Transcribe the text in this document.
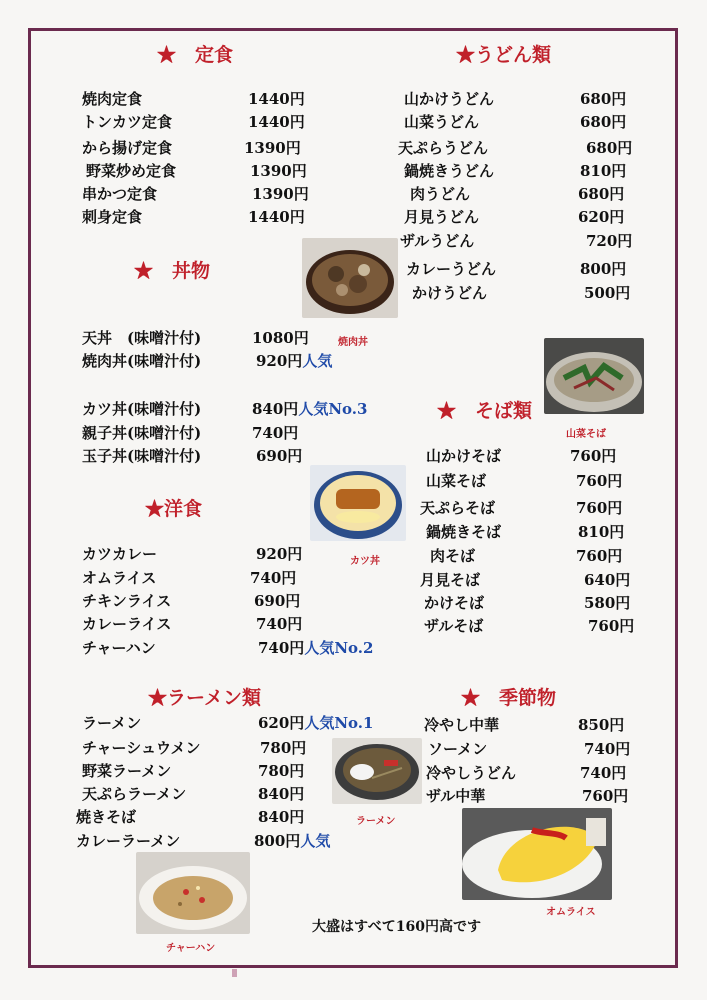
★　定食
焼肉定食	1440円
トンカツ定食	1440円
から揚げ定食	1390円
野菜炒め定食	1390円
串かつ定食	1390円
刺身定食	1440円
★　丼物
天丼　(味噌汁付)	1080円
焼肉丼(味噌汁付)	920円人気
カツ丼(味噌汁付)	840円人気No.3
親子丼(味噌汁付)	740円
玉子丼(味噌汁付)	690円
★洋食
カツカレー	920円
オムライス	740円
チキンライス	690円
カレーライス	740円
チャーハン	740円人気No.2
★ラーメン類
ラーメン	620円人気No.1
チャーシュウメン	780円
野菜ラーメン	780円
天ぷらラーメン	840円
焼きそば	840円
カレーラーメン	800円人気
★うどん類
山かけうどん	680円
山菜うどん	680円
天ぷらうどん	680円
鍋焼きうどん	810円
肉うどん	680円
月見うどん	620円
ザルうどん	720円
カレーうどん	800円
かけうどん	500円
★　そば類
山かけそば	760円
山菜そば	760円
天ぷらそば	760円
鍋焼きそば	810円
肉そば	760円
月見そば	640円
かけそば	580円
ザルそば	760円
★　季節物
冷やし中華	850円
ソーメン	740円
冷やしうどん	740円
ザル中華	760円
焼肉丼
山菜そば
カツ丼
ラーメン
オムライス
チャーハン
大盛はすべて160円高です
